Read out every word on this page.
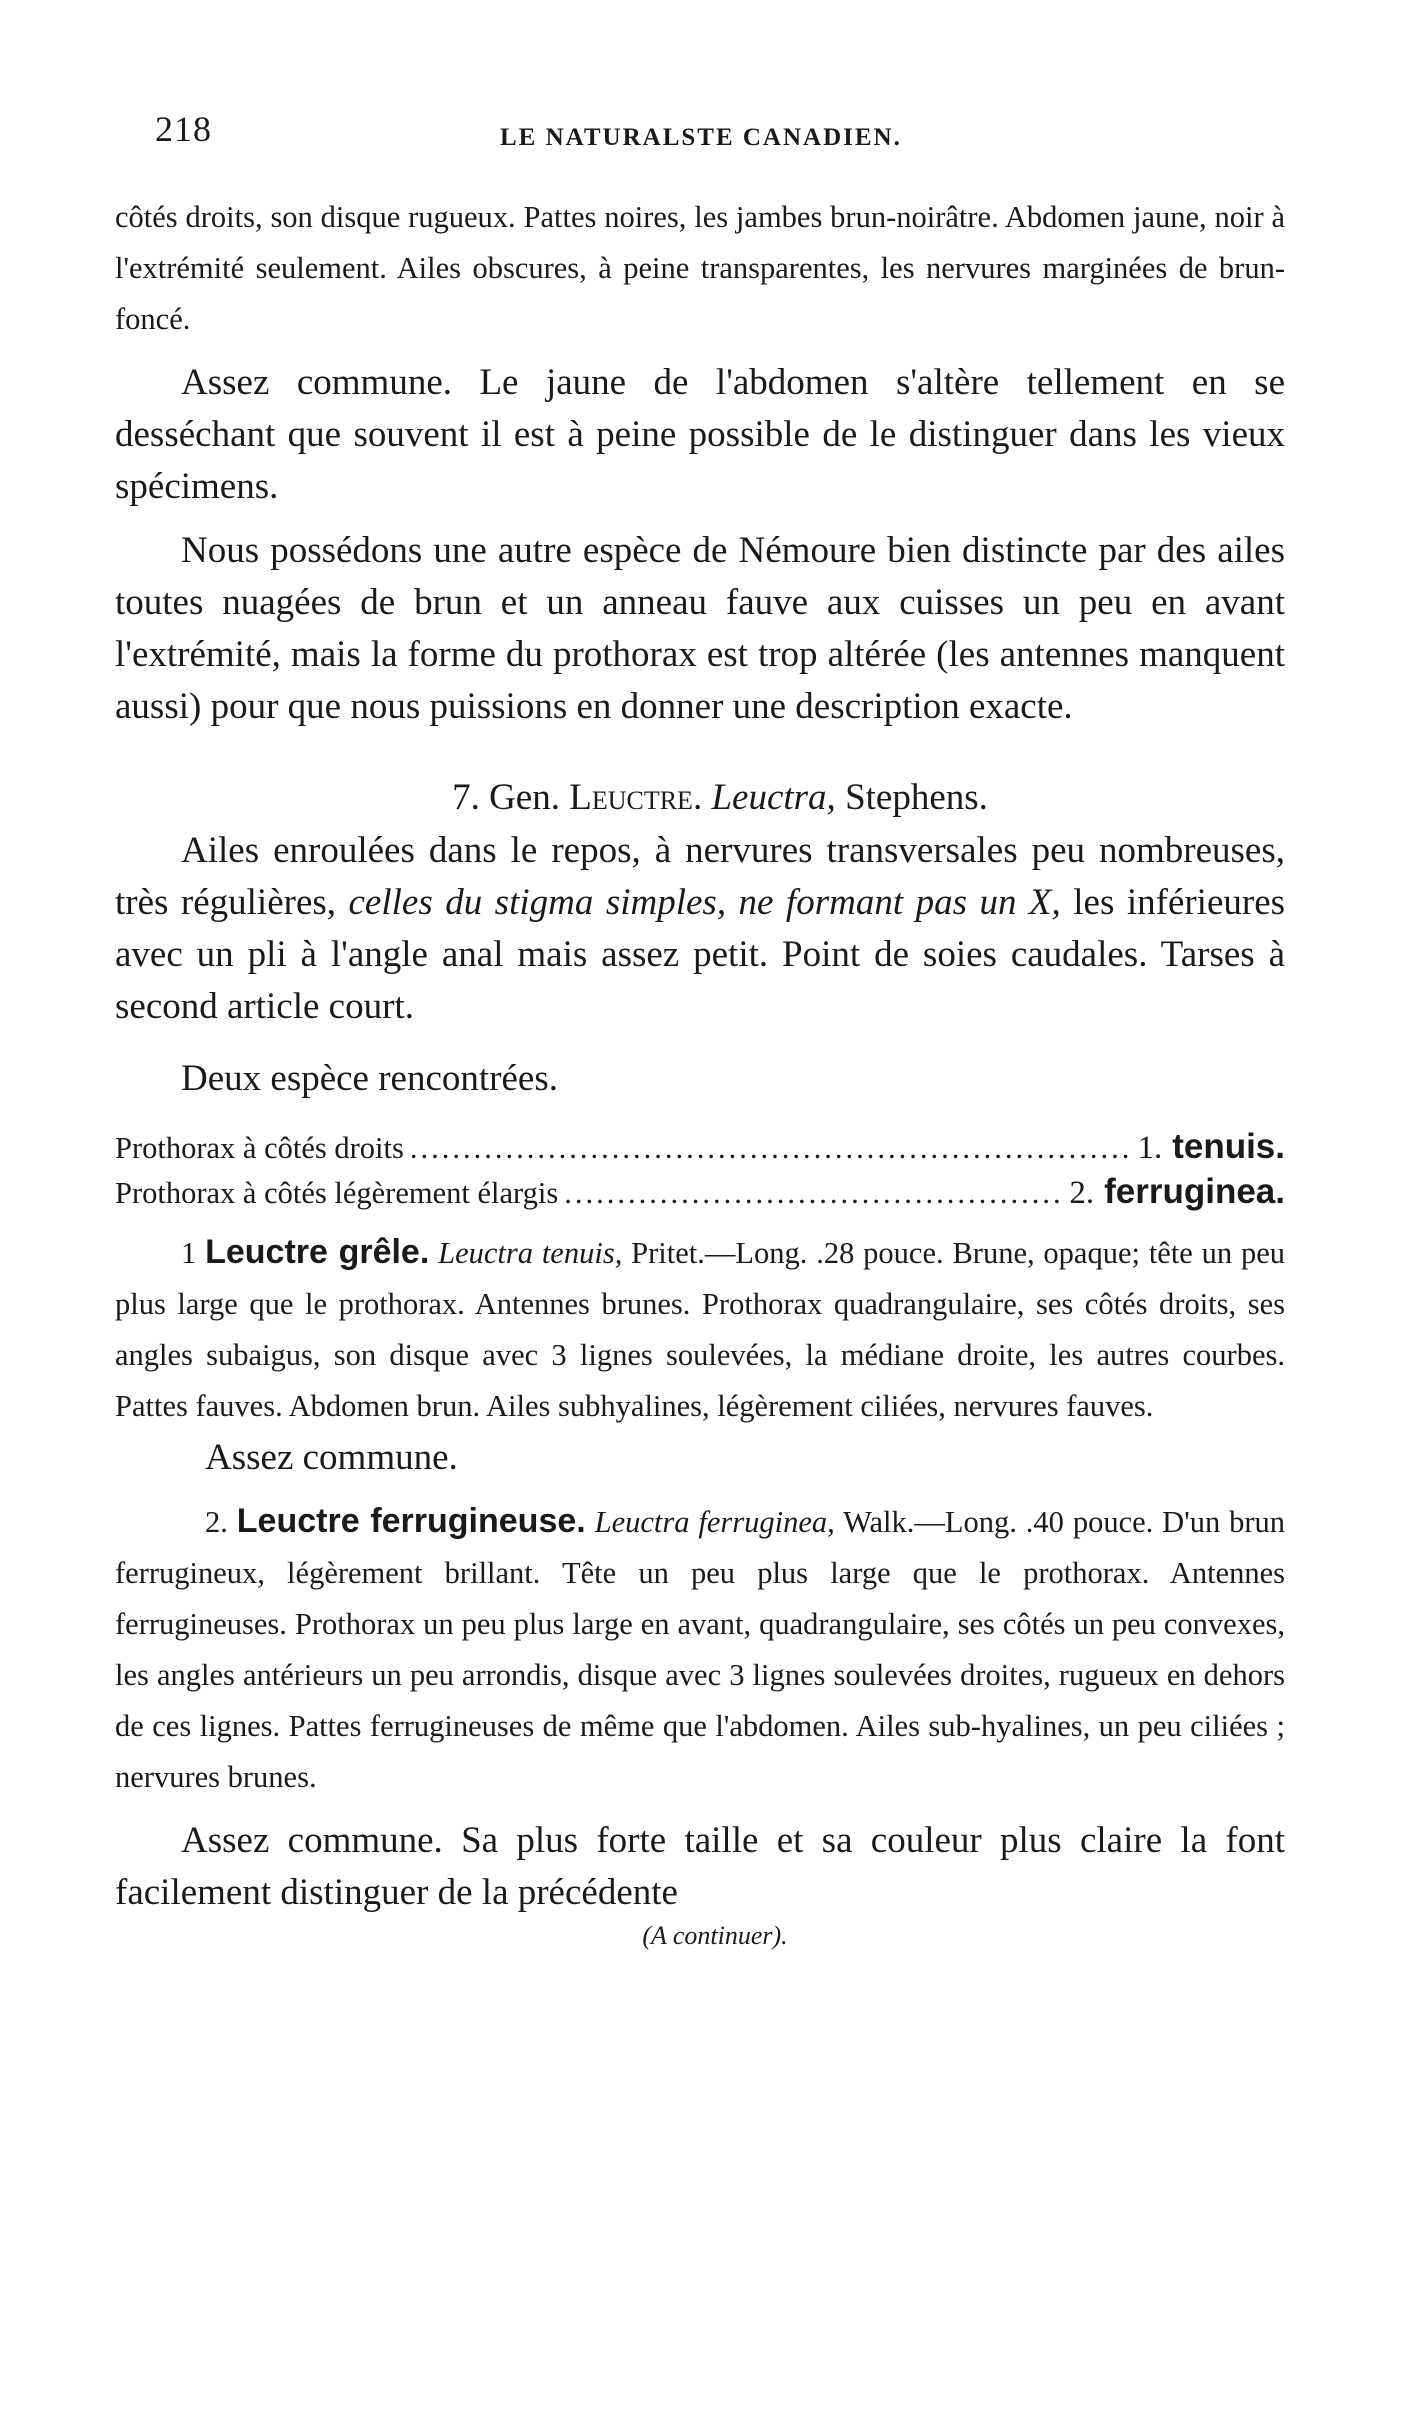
218	LE NATURALSTE CANADIEN.

côtés droits, son disque rugueux. Pattes noires, les jambes brun-noirâtre. Abdomen jaune, noir à l'extrémité seulement. Ailes obscures, à peine transparentes, les nervures marginées de brun-foncé.

Assez commune. Le jaune de l'abdomen s'altère tellement en se desséchant que souvent il est à peine possible de le distinguer dans les vieux spécimens.

Nous possédons une autre espèce de Némoure bien distincte par des ailes toutes nuagées de brun et un anneau fauve aux cuisses un peu en avant l'extrémité, mais la forme du prothorax est trop altérée (les antennes manquent aussi) pour que nous puissions en donner une description exacte.

7. Gen. Leuctre. Leuctra, Stephens.

Ailes enroulées dans le repos, à nervures transversales peu nombreuses, très régulières, celles du stigma simples, ne formant pas un X, les inférieures avec un pli à l'angle anal mais assez petit. Point de soies caudales. Tarses à second article court.

Deux espèce rencontrées.

Prothorax à côtés droits .....	1. tenuis.
Prothorax à côtés légèrement élargis .....	2. ferruginea.

1 Leuctre grêle. Leuctra tenuis, Pritet.—Long. .28 pouce. Brune, opaque; tête un peu plus large que le prothorax. Antennes brunes. Prothorax quadrangulaire, ses côtés droits, ses angles subaigus, son disque avec 3 lignes soulevées, la médiane droite, les autres courbes. Pattes fauves. Abdomen brun. Ailes subhyalines, légèrement ciliées, nervures fauves.

Assez commune.

2. Leuctre ferrugineuse. Leuctra ferruginea, Walk.—Long. .40 pouce. D'un brun ferrugineux, légèrement brillant. Tête un peu plus large que le prothorax. Antennes ferrugineuses. Prothorax un peu plus large en avant, quadrangulaire, ses côtés un peu convexes, les angles antérieurs un peu arrondis, disque avec 3 lignes soulevées droites, rugueux en dehors de ces lignes. Pattes ferrugineuses de même que l'abdomen. Ailes sub-hyalines, un peu ciliées ; nervures brunes.

Assez commune. Sa plus forte taille et sa couleur plus claire la font facilement distinguer de la précédente

(A continuer).
